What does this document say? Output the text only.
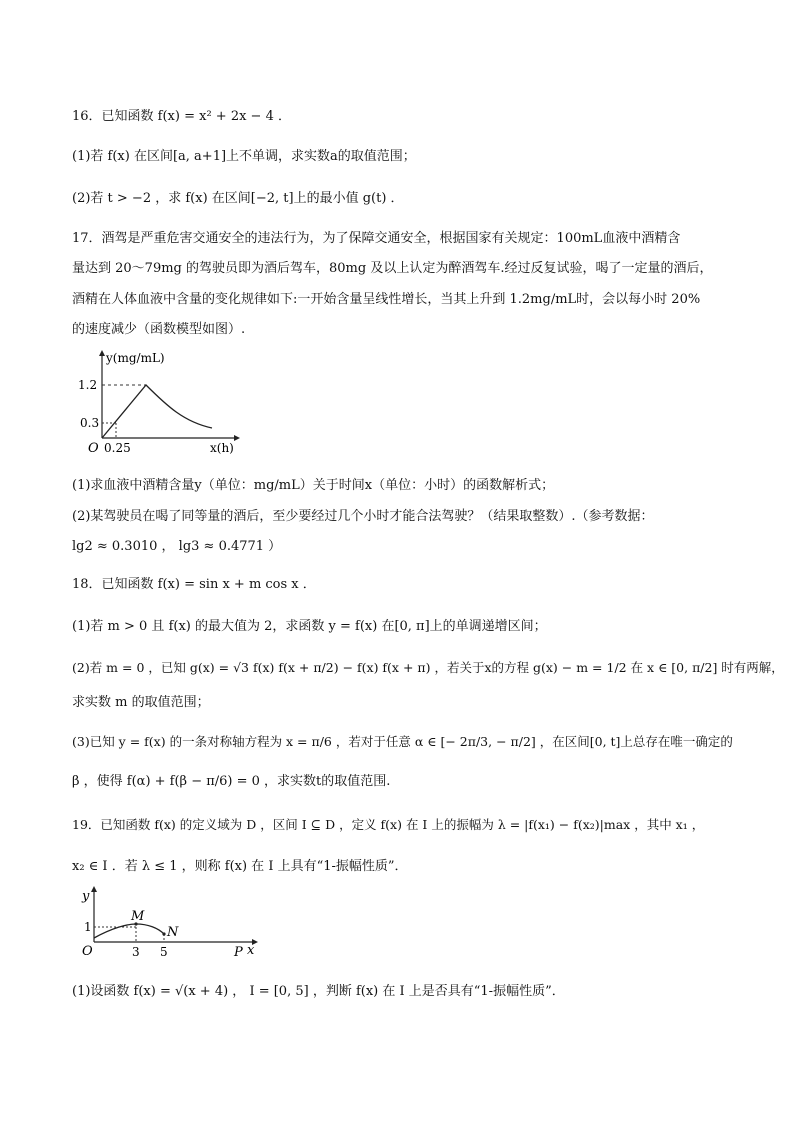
16．已知函数 f(x) = x² + 2x − 4 ．
(1)若 f(x) 在区间[a, a+1]上不单调，求实数a的取值范围；
(2)若 t > −2 ，求 f(x) 在区间[−2, t]上的最小值 g(t) ．
17．酒驾是严重危害交通安全的违法行为，为了保障交通安全，根据国家有关规定：100mL血液中酒精含
量达到 20～79mg 的驾驶员即为酒后驾车，80mg 及以上认定为醉酒驾车.经过反复试验，喝了一定量的酒后，
酒精在人体血液中含量的变化规律如下:一开始含量呈线性增长，当其上升到 1.2mg/mL时，会以每小时 20%
的速度减少（函数模型如图）.
y(mg/mL)
1.2
0.3
O 0.25	x(h)
(1)求血液中酒精含量y（单位：mg/mL）关于时间x（单位：小时）的函数解析式；
(2)某驾驶员在喝了同等量的酒后，至少要经过几个小时才能合法驾驶？（结果取整数）.（参考数据：
lg2 ≈ 0.3010 ， lg3 ≈ 0.4771 ）
18．已知函数 f(x) = sin x + m cos x ．
(1)若 m > 0 且 f(x) 的最大值为 2，求函数 y = f(x) 在[0, π]上的单调递增区间；
(2)若 m = 0 ，已知 g(x) = √3 f(x) f(x + π/2) − f(x) f(x + π) ，若关于x的方程 g(x) − m = 1/2 在 x ∈ [0, π/2] 时有两解，
求实数 m 的取值范围；
(3)已知 y = f(x) 的一条对称轴方程为 x = π/6 ，若对于任意 α ∈ [− 2π/3, − π/2] ，在区间[0, t]上总存在唯一确定的
β ，使得 f(α) + f(β − π/6) = 0 ，求实数t的取值范围.
19．已知函数 f(x) 的定义域为 D ，区间 I ⊆ D ，定义 f(x) 在 I 上的振幅为 λ = |f(x₁) − f(x₂)|max ，其中 x₁ ，
x₂ ∈ I ．若 λ ≤ 1 ，则称 f(x) 在 I 上具有“1-振幅性质”．
y
1
O	3 5
M
N
P x
(1)设函数 f(x) = √(x + 4) ， I = [0, 5] ，判断 f(x) 在 I 上是否具有“1-振幅性质”．
